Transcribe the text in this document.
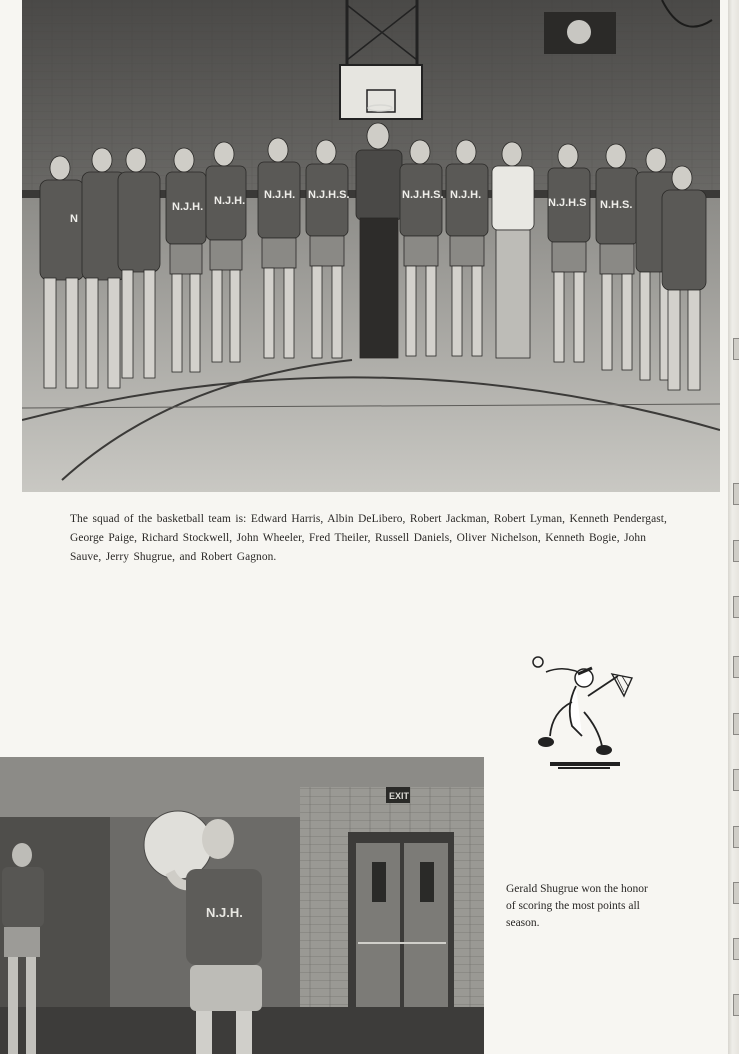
N
N.J.H. N.J.H. N.J.H. N.J.H.S.	N.J.H.S. N.J.H.
N.J.H.S N.H.S.

The squad of the basketball team is: Edward Harris, Albin DeLibero, Robert Jackman, Robert Lyman, Kenneth Pendergast, George Paige, Richard Stockwell, John Wheeler, Fred Theiler, Russell Daniels, Oliver Nichelson, Kenneth Bogie, John Sauve, Jerry Shugrue, and Robert Gagnon.

EXIT
N.J.H.

Gerald Shugrue won the honor of scoring the most points all season.
